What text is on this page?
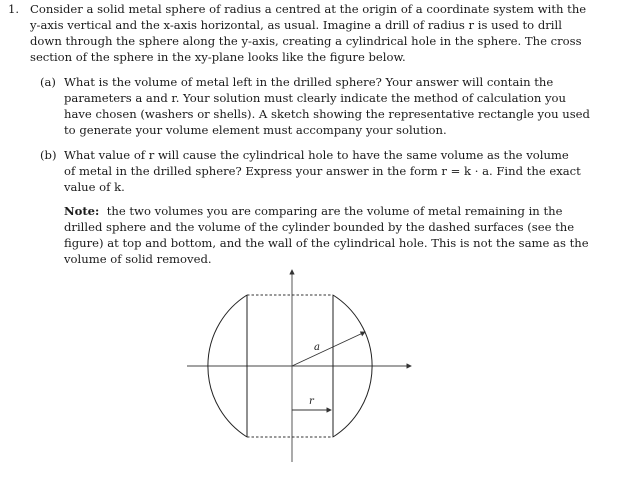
1. Consider a solid metal sphere of radius a centred at the origin of a coordinate system with the
y-axis vertical and the x-axis horizontal, as usual. Imagine a drill of radius r is used to drill
down through the sphere along the y-axis, creating a cylindrical hole in the sphere. The cross
section of the sphere in the xy-plane looks like the figure below.
(a) What is the volume of metal left in the drilled sphere? Your answer will contain the
parameters a and r. Your solution must clearly indicate the method of calculation you
have chosen (washers or shells). A sketch showing the representative rectangle you used
to generate your volume element must accompany your solution.
(b) What value of r will cause the cylindrical hole to have the same volume as the volume
of metal in the drilled sphere? Express your answer in the form r = k · a. Find the exact
value of k.
Note: the two volumes you are comparing are the volume of metal remaining in the
drilled sphere and the volume of the cylinder bounded by the dashed surfaces (see the
figure) at top and bottom, and the wall of the cylindrical hole. This is not the same as the
volume of solid removed.
a
r
